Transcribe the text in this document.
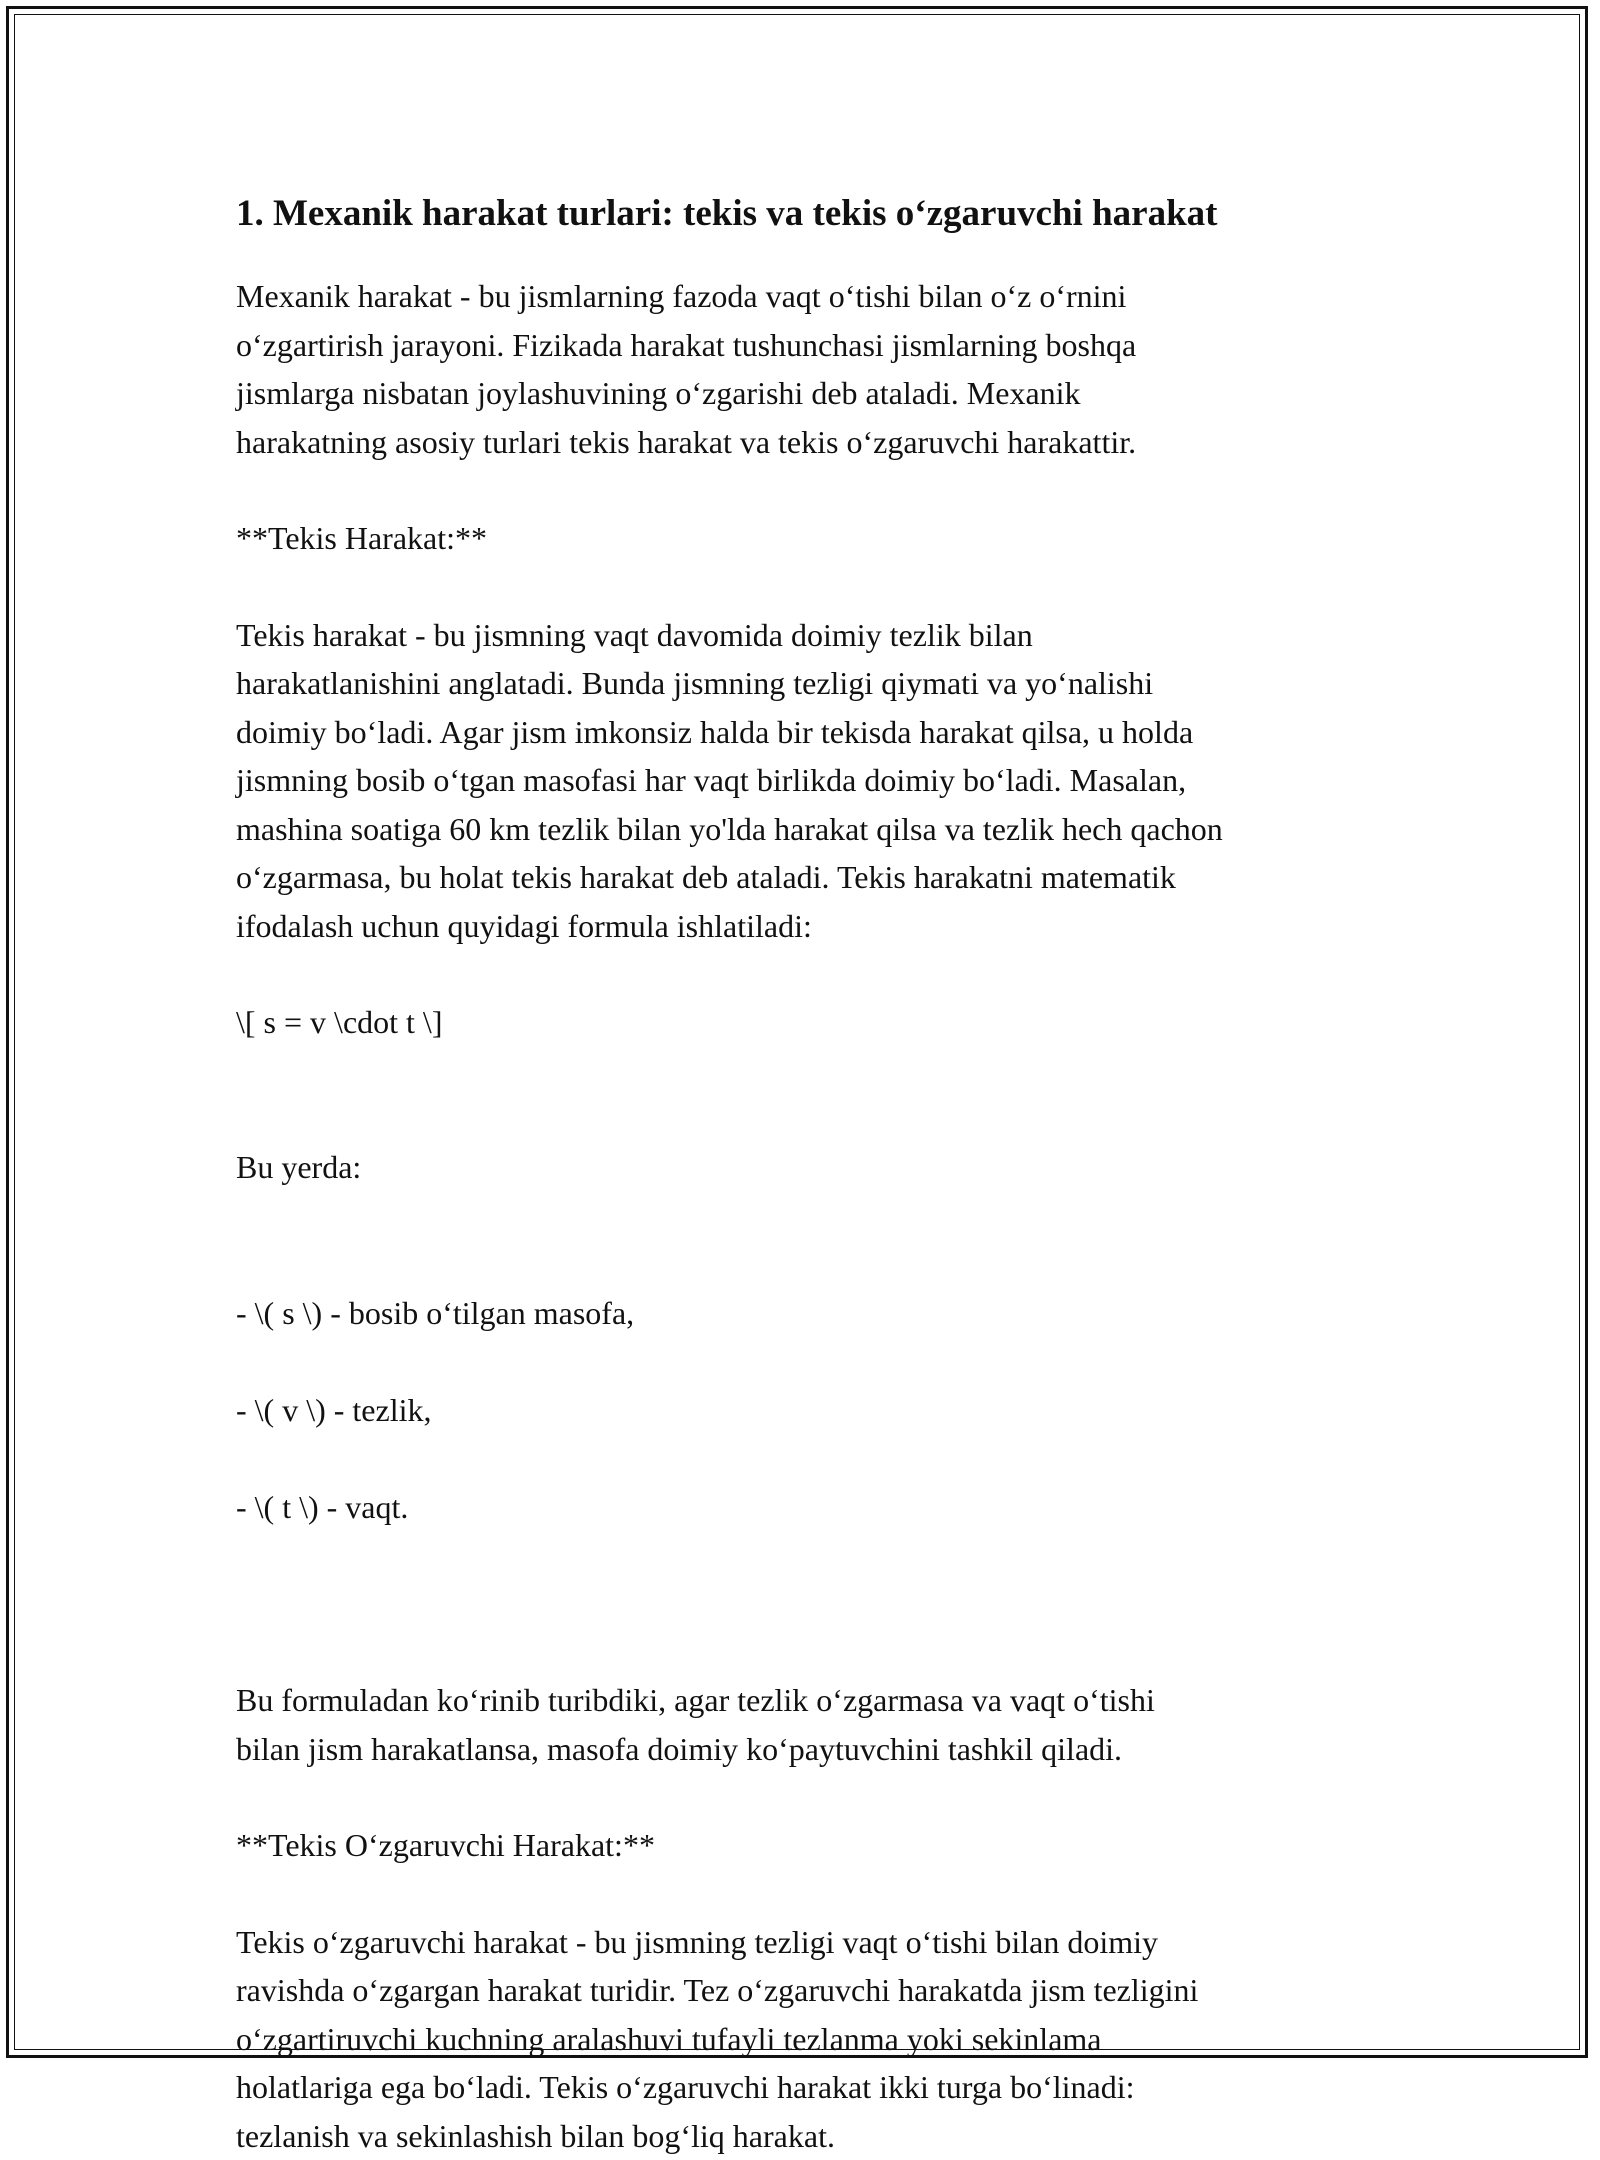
1. Mexanik harakat turlari: tekis va tekis o‘zgaruvchi harakat

Mexanik harakat - bu jismlarning fazoda vaqt o‘tishi bilan o‘z o‘rnini
o‘zgartirish jarayoni. Fizikada harakat tushunchasi jismlarning boshqa
jismlarga nisbatan joylashuvining o‘zgarishi deb ataladi. Mexanik
harakatning asosiy turlari tekis harakat va tekis o‘zgaruvchi harakattir.

**Tekis Harakat:**

Tekis harakat - bu jismning vaqt davomida doimiy tezlik bilan
harakatlanishini anglatadi. Bunda jismning tezligi qiymati va yo‘nalishi
doimiy bo‘ladi. Agar jism imkonsiz halda bir tekisda harakat qilsa, u holda
jismning bosib o‘tgan masofasi har vaqt birlikda doimiy bo‘ladi. Masalan,
mashina soatiga 60 km tezlik bilan yo'lda harakat qilsa va tezlik hech qachon
o‘zgarmasa, bu holat tekis harakat deb ataladi. Tekis harakatni matematik
ifodalash uchun quyidagi formula ishlatiladi:

\[ s = v \cdot t \]

Bu yerda:

- \( s \) - bosib o‘tilgan masofa,

- \( v \) - tezlik,

- \( t \) - vaqt.

Bu formuladan ko‘rinib turibdiki, agar tezlik o‘zgarmasa va vaqt o‘tishi
bilan jism harakatlansa, masofa doimiy ko‘paytuvchini tashkil qiladi.

**Tekis O‘zgaruvchi Harakat:**

Tekis o‘zgaruvchi harakat - bu jismning tezligi vaqt o‘tishi bilan doimiy
ravishda o‘zgargan harakat turidir. Tez o‘zgaruvchi harakatda jism tezligini
o‘zgartiruvchi kuchning aralashuvi tufayli tezlanma yoki sekinlama
holatlariga ega bo‘ladi. Tekis o‘zgaruvchi harakat ikki turga bo‘linadi:
tezlanish va sekinlashish bilan bog‘liq harakat.
